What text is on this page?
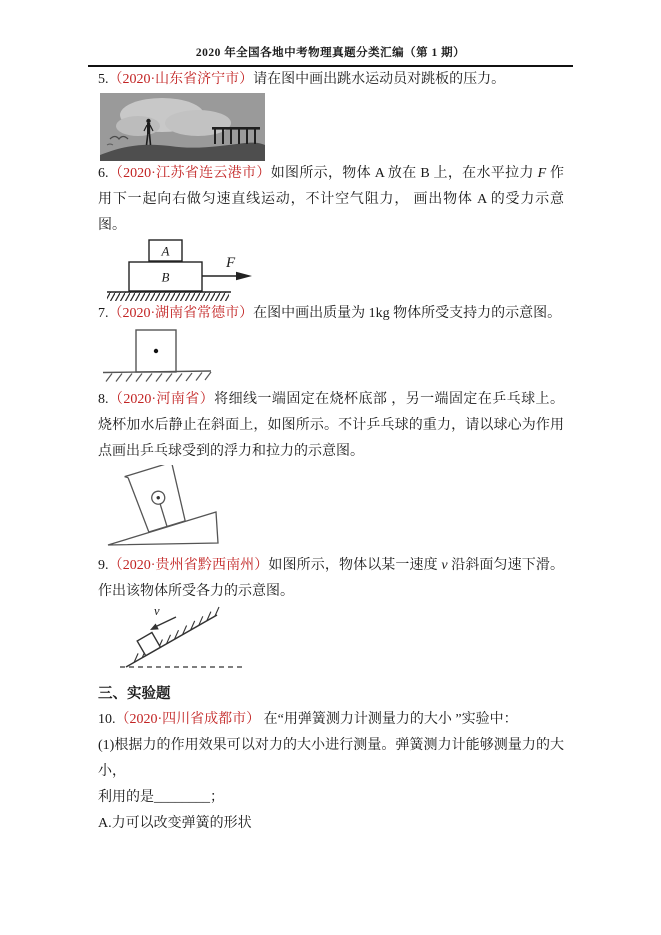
2020 年全国各地中考物理真题分类汇编（第 1 期）

5.（2020·山东省济宁市）请在图中画出跳水运动员对跳板的压力。

6.（2020·江苏省连云港市）如图所示，物体 A 放在 B 上，在水平拉力 F 作用下一起向右做匀速直线运动，不计空气阻力， 画出物体 A 的受力示意图。

A
B
F

7.（2020·湖南省常德市）在图中画出质量为 1kg 物体所受支持力的示意图。

8.（2020·河南省）将细线一端固定在烧杯底部 ，另一端固定在乒乓球上。烧杯加水后静止在斜面上，如图所示。不计乒乓球的重力，请以球心为作用点画出乒乓球受到的浮力和拉力的示意图。

9.（2020·贵州省黔西南州）如图所示，物体以某一速度 v 沿斜面匀速下滑。作出该物体所受各力的示意图。

v
三、实验题

10.（2020·四川省成都市） 在“用弹簧测力计测量力的大小 ”实验中：

(1)根据力的作用效果可以对力的大小进行测量。弹簧测力计能够测量力的大小，

利用的是________；

A.力可以改变弹簧的形状
